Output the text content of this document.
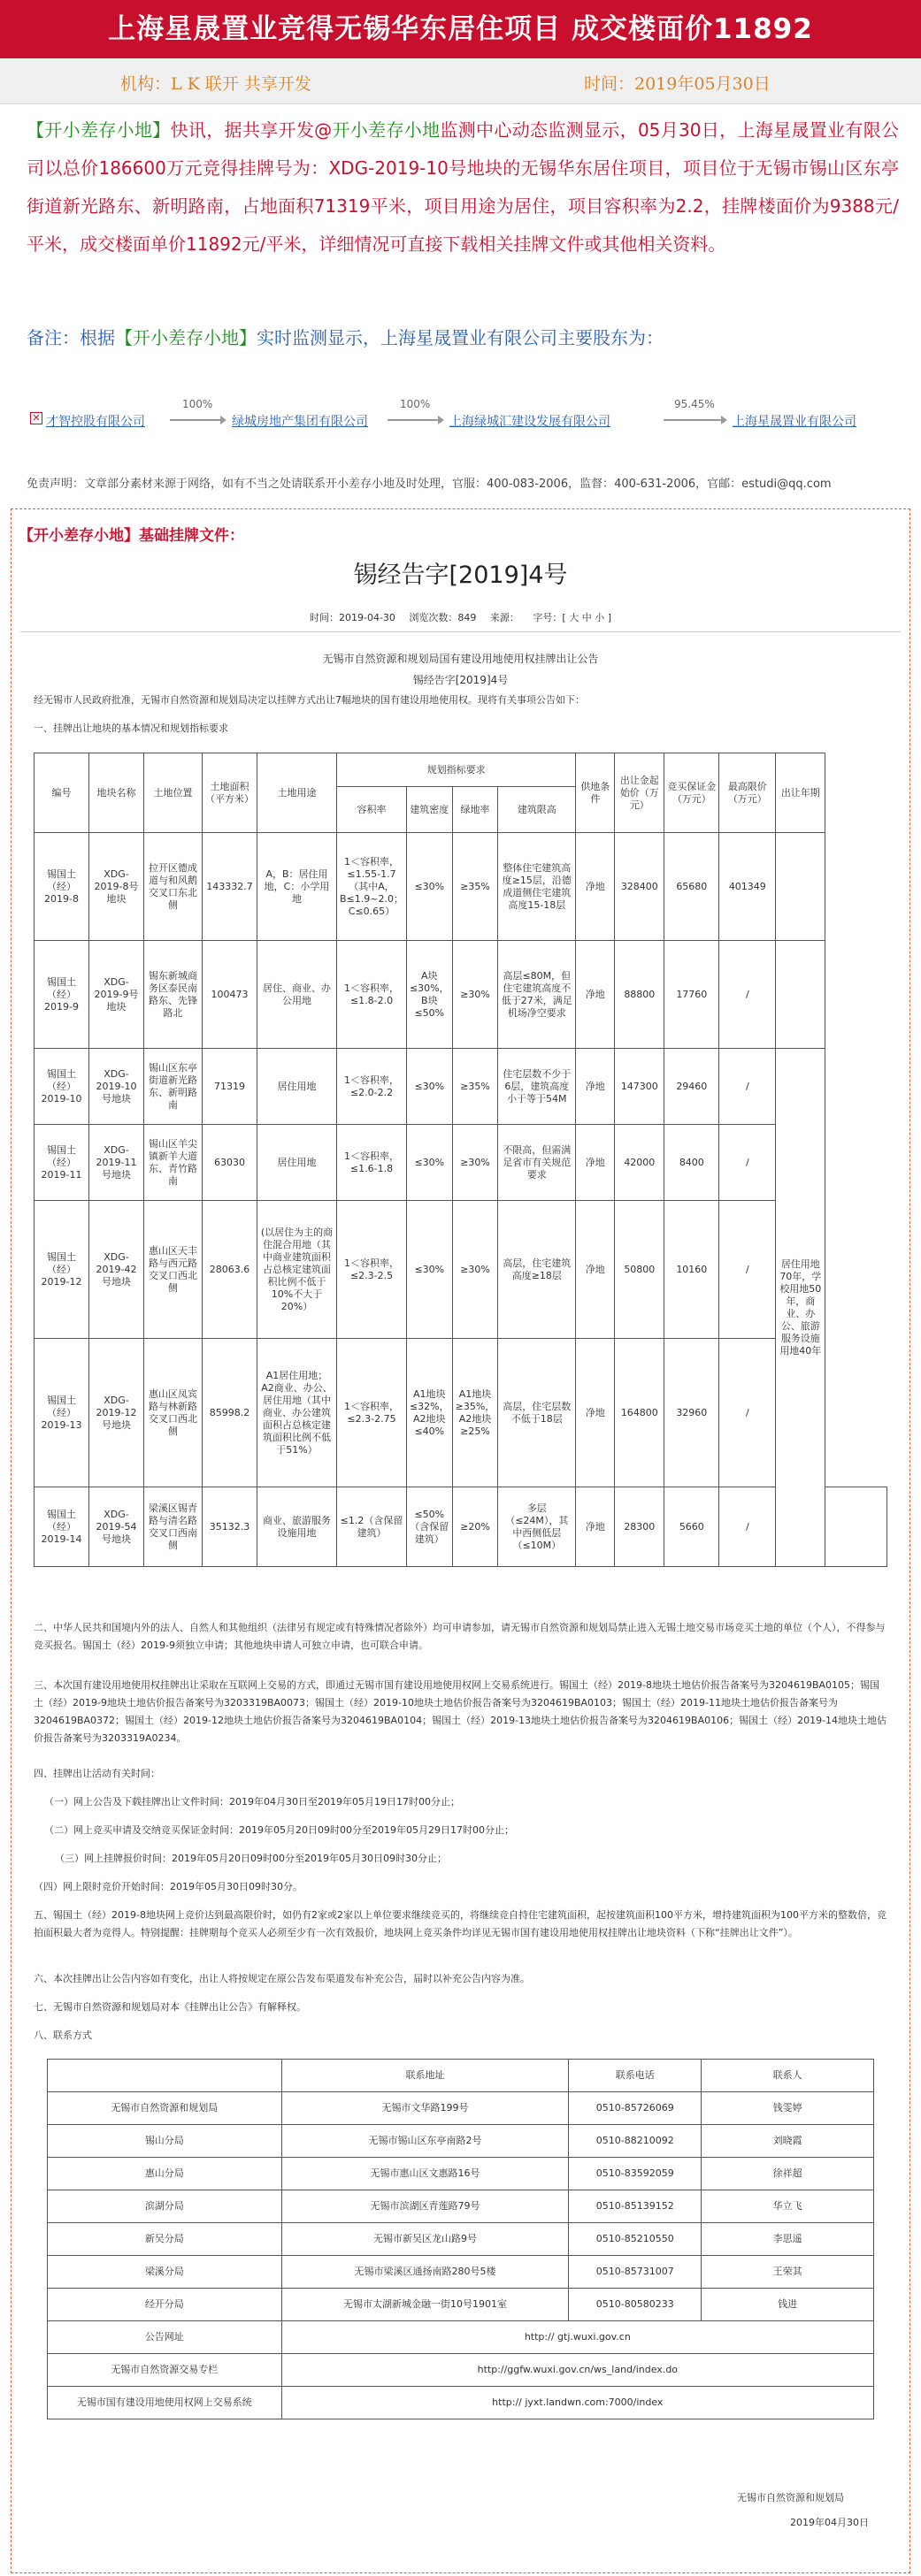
上海星晟置业竞得无锡华东居住项目 成交楼面价11892
机构：L K 联开 共享开发	时间：2019年05月30日
【开小差存小地】快讯，据共享开发@开小差存小地监测中心动态监测显示，05月30日，上海星晟置业有限公司以总价186600万元竞得挂牌号为：XDG-2019-10号地块的无锡华东居住项目，项目位于无锡市锡山区东亭街道新光路东、新明路南，占地面积71319平米，项目用途为居住，项目容积率为2.2，挂牌楼面价为9388元/平米，成交楼面单价11892元/平米，详细情况可直接下载相关挂牌文件或其他相关资料。
备注：根据【开小差存小地】实时监测显示，上海星晟置业有限公司主要股东为：
✕ 才智控股有限公司
100%
绿城房地产集团有限公司
100%
上海绿城汇建设发展有限公司
95.45%
上海星晟置业有限公司
免责声明：文章部分素材来源于网络，如有不当之处请联系开小差存小地及时处理，官服：400-083-2006，监督：400-631-2006，官邮：estudi@qq.com
【开小差存小地】基础挂牌文件：
锡经告字[2019]4号
时间：2019-04-30 浏览次数：849 来源： 字号：[ 大 中 小 ]
无锡市自然资源和规划局国有建设用地使用权挂牌出让公告
锡经告字[2019]4号
经无锡市人民政府批准，无锡市自然资源和规划局决定以挂牌方式出让7幅地块的国有建设用地使用权。现将有关事项公告如下：
一、挂牌出让地块的基本情况和规划指标要求
编号	地块名称	土地位置	土地面积（平方米）	土地用途	规划指标要求				供地条件	出让金起始价（万元）	竞买保证金（万元）	最高限价（万元）	出让年期	
					容积率	建筑密度	绿地率	建筑限高						
锡国土（经）2019-8	XDG-2019-8号地块	拉开区德成道与和风鹅交叉口东北侧	143332.7	A，B：居住用地，C：小学用地	1＜容积率，≤1.55-1.7（其中A，B≤1.9~2.0；C≤0.65）	≤30%	≥35%	整体住宅建筑高度≥15层，沿德成道侧住宅建筑高度15-18层	净地	328400	65680	401349		
锡国土（经）2019-9	XDG-2019-9号地块	锡东新城商务区泰民南路东、先锋路北	100473	居住、商业、办公用地	1＜容积率，≤1.8-2.0	A块≤30%，B块≤50%	≥30%	高层≤80M，但住宅建筑高度不低于27米，满足机场净空要求	净地	88800	17760	/		
锡国土（经）2019-10	XDG-2019-10号地块	锡山区东亭街道新光路东、新明路南	71319	居住用地	1＜容积率，≤2.0-2.2	≤30%	≥35%	住宅层数不少于6层，建筑高度小于等于54M	净地	147300	29460	/	居住用地70年，学校用地50年，商业、办公、旅游服务设施用地40年	
锡国土（经）2019-11	XDG-2019-11号地块	锡山区羊尖镇新羊大道东、青竹路南	63030	居住用地	1＜容积率，≤1.6-1.8	≤30%	≥30%	不限高，但需满足省市有关规范要求	净地	42000	8400	/		
锡国土（经）2019-12	XDG-2019-42号地块	惠山区天丰路与西元路交叉口西北侧	28063.6	(以居住为主的商住混合用地（其中商业建筑面积占总核定建筑面积比例不低于10%不大于20%）	1＜容积率，≤2.3-2.5	≤30%	≥30%	高层，住宅建筑高度≥18层	净地	50800	10160	/		
锡国土（经）2019-13	XDG-2019-12号地块	惠山区凤宾路与林新路交叉口西北侧	85998.2	A1居住用地；A2商业、办公、居住用地（其中商业、办公建筑面积占总核定建筑面积比例不低于51%）	1＜容积率，≤2.3-2.75	A1地块≤32%，A2地块≤40%	A1地块≥35%，A2地块≥25%	高层，住宅层数不低于18层	净地	164800	32960	/		
锡国土（经）2019-14	XDG-2019-54号地块	梁溪区锡青路与清名路交叉口西南侧	35132.3	商业、旅游服务设施用地	≤1.2（含保留建筑）	≤50%（含保留建筑）	≥20%	多层（≤24M），其中西侧低层（≤10M）	净地	28300	5660	/		
二、中华人民共和国境内外的法人、自然人和其他组织（法律另有规定或有特殊情况者除外）均可申请参加，请无锡市自然资源和规划局禁止进入无锡土地交易市场竞买土地的单位（个人），不得参与竞买报名。锡国土（经）2019-9须独立申请；其他地块申请人可独立申请，也可联合申请。
三、本次国有建设用地使用权挂牌出让采取在互联网上交易的方式，即通过无锡市国有建设用地使用权网上交易系统进行。锡国土（经）2019-8地块土地估价报告备案号为3204619BA0105；锡国土（经）2019-9地块土地估价报告备案号为3203319BA0073；锡国土（经）2019-10地块土地估价报告备案号为3204619BA0103；锡国土（经）2019-11地块土地估价报告备案号为3204619BA0372；锡国土（经）2019-12地块土地估价报告备案号为3204619BA0104；锡国土（经）2019-13地块土地估价报告备案号为3204619BA0106；锡国土（经）2019-14地块土地估价报告备案号为3203319A0234。
四、挂牌出让活动有关时间：
（一）网上公告及下载挂牌出让文件时间：2019年04月30日至2019年05月19日17时00分止；
（二）网上竞买申请及交纳竞买保证金时间：2019年05月20日09时00分至2019年05月29日17时00分止；
（三）网上挂牌报价时间：2019年05月20日09时00分至2019年05月30日09时30分止；
（四）网上限时竞价开始时间：2019年05月30日09时30分。
五、锡国土（经）2019-8地块网上竞价达到最高限价时，如仍有2家或2家以上单位要求继续竞买的，将继续竞自持住宅建筑面积，起按建筑面积100平方米，增持建筑面积为100平方米的整数倍，竞拍面积最大者为竞得人。特别提醒：挂牌期每个竞买人必须至少有一次有效报价，地块网上竞买条件均详见无锡市国有建设用地使用权挂牌出让地块资料（下称“挂牌出让文件”）。
六、本次挂牌出让公告内容如有变化，出让人将按规定在原公告发布渠道发布补充公告，届时以补充公告内容为准。
七、无锡市自然资源和规划局对本《挂牌出让公告》有解释权。
八、联系方式
	联系地址	联系电话	联系人
无锡市自然资源和规划局	无锡市文华路199号	0510-85726069	钱雯婷
锡山分局	无锡市锡山区东亭南路2号	0510-88210092	刘晓霞
惠山分局	无锡市惠山区文惠路16号	0510-83592059	徐祥超
滨湖分局	无锡市滨湖区青莲路79号	0510-85139152	华立飞
新吴分局	无锡市新吴区龙山路9号	0510-85210550	李思遥
梁溪分局	无锡市梁溪区通扬南路280号5楼	0510-85731007	王荣其
经开分局	无锡市太湖新城金融一街10号1901室	0510-80580233	钱进
公告网址	http:// gtj.wuxi.gov.cn		
无锡市自然资源交易专栏	http://ggfw.wuxi.gov.cn/ws_land/index.do		
无锡市国有建设用地使用权网上交易系统	http:// jyxt.landwn.com:7000/index		
无锡市自然资源和规划局
2019年04月30日
